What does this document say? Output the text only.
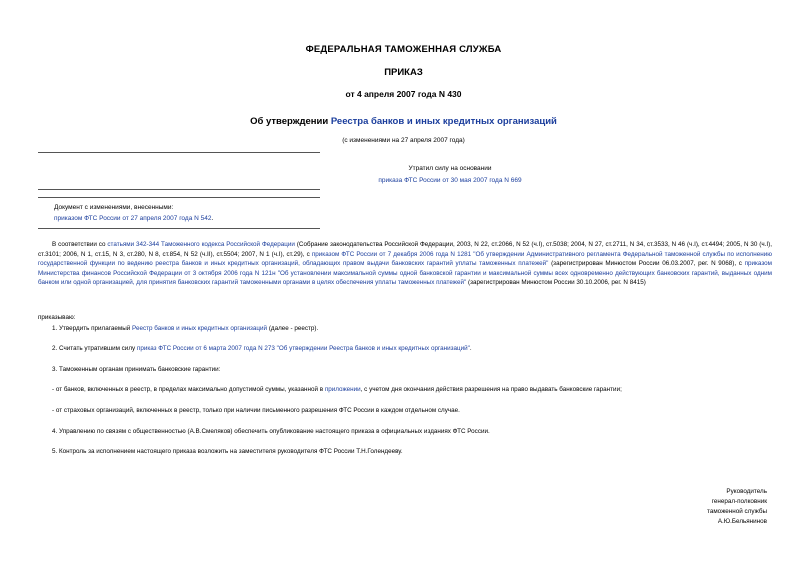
ФЕДЕРАЛЬНАЯ ТАМОЖЕННАЯ СЛУЖБА
ПРИКАЗ
от 4 апреля 2007 года N 430
Об утверждении Реестра банков и иных кредитных организаций
(с изменениями на 27 апреля 2007 года)
Утратил силу на основании
приказа ФТС России от 30 мая 2007 года N 669
Документ с изменениями, внесенными:
приказом ФТС России от 27 апреля 2007 года N 542.
В соответствии со статьями 342-344 Таможенного кодекса Российской Федерации (Собрание законодательства Российской Федерации, 2003, N 22, ст.2066, N 52 (ч.I), ст.5038; 2004, N 27, ст.2711, N 34, ст.3533, N 46 (ч.I), ст.4494; 2005, N 30 (ч.I), ст.3101; 2006, N 1, ст.15, N 3, ст.280, N 8, ст.854, N 52 (ч.II), ст.5504; 2007, N 1 (ч.I), ст.29), с приказом ФТС России от 7 декабря 2006 года N 1281 "Об утверждении Административного регламента Федеральной таможенной службы по исполнению государственной функции по ведению реестра банков и иных кредитных организаций, обладающих правом выдачи банковских гарантий уплаты таможенных платежей" (зарегистрирован Минюстом России 06.03.2007, рег. N 9068), с приказом Министерства финансов Российской Федерации от 3 октября 2006 года N 121н "Об установлении максимальной суммы одной банковской гарантии и максимальной суммы всех одновременно действующих банковских гарантий, выданных одним банком или одной организацией, для принятия банковских гарантий таможенными органами в целях обеспечения уплаты таможенных платежей" (зарегистрирован Минюстом России 30.10.2006, рег. N 8415)
приказываю:
1. Утвердить прилагаемый Реестр банков и иных кредитных организаций (далее - реестр).
2. Считать утратившим силу приказ ФТС России от 6 марта 2007 года N 273 "Об утверждении Реестра банков и иных кредитных организаций".
3. Таможенным органам принимать банковские гарантии:
- от банков, включенных в реестр, в пределах максимально допустимой суммы, указанной в приложении, с учетом дня окончания действия разрешения на право выдавать банковские гарантии;
- от страховых организаций, включенных в реестр, только при наличии письменного разрешения ФТС России в каждом отдельном случае.
4. Управлению по связям с общественностью (А.В.Смеляков) обеспечить опубликование настоящего приказа в официальных изданиях ФТС России.
5. Контроль за исполнением настоящего приказа возложить на заместителя руководителя ФТС России Т.Н.Голендееву.
Руководитель
генерал-полковник
таможенной службы
А.Ю.Бельянинов
